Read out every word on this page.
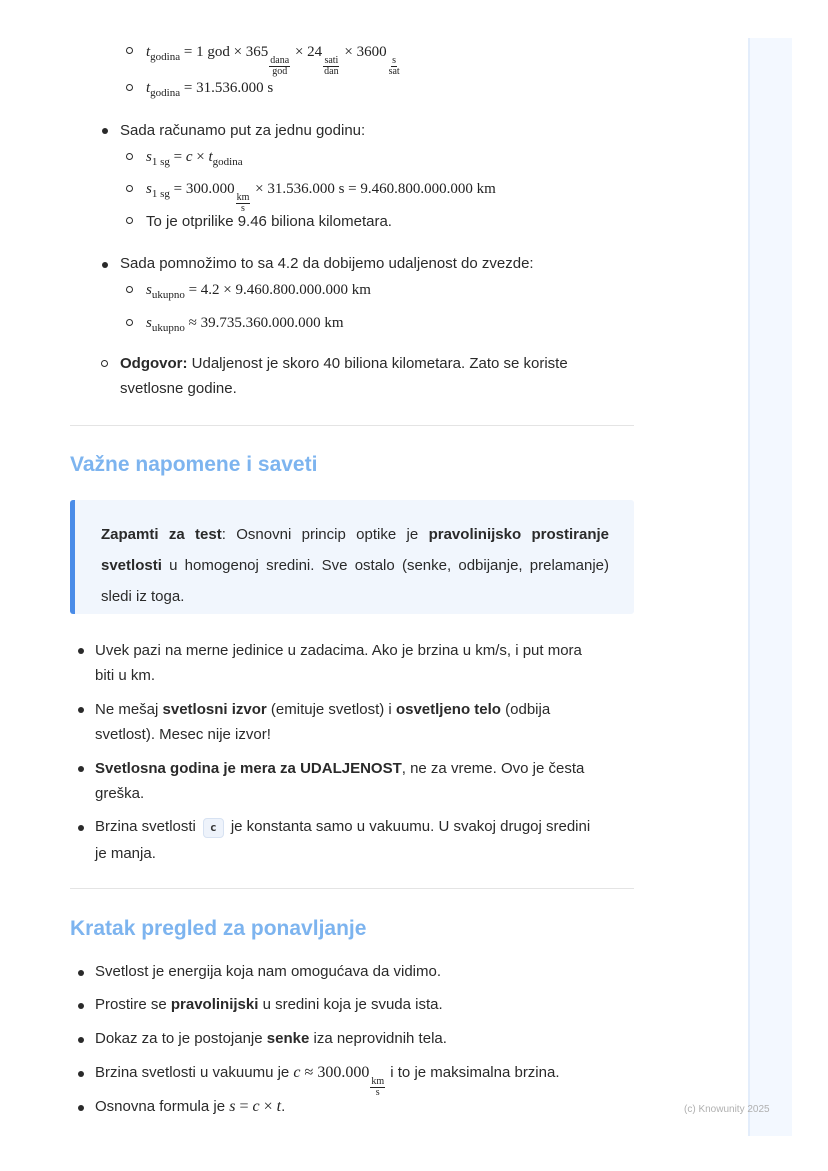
$t_{godina} = 1$ god × 365
$\frac{\text{dana}}{\text{god}}$
× 24
$\frac{\text{sati}}{\text{dan}}$
× 3600
$\frac{s}{\text{sat}}$
$t_{godina} = 31.536.000$ s
Sada računamo put za jednu godinu:
$s_{1 sg} = c \times t_{godina}$
$s_{1 sg} = 300.000$
$\frac{km}{s}$
× 31.536.000 s = 9.460.800.000.000 km
To je otprilike 9.46 biliona kilometara.
Sada pomnožimo to sa 4.2 da dobijemo udaljenost do zvezde:
$s_{ukupno} = 4.2 \times 9.460.800.000.000$ km
$s_{ukupno} \approx 39.735.360.000.000$ km
Odgovor: Udaljenost je skoro 40 biliona kilometara. Zato se koriste
svetlosne godine.
Važne napomene i saveti

Zapamti za test: Osnovni princip optike je pravolinijsko prostiranje svetlosti u homogenoj sredini. Sve ostalo (senke, odbijanje, prelamanje) sledi iz toga.

Uvek pazi na merne jedinice u zadacima. Ako je brzina u km/s, i put mora
biti u km.
Ne mešaj svetlosni izvor (emituje svetlost) i osvetljeno telo (odbija
svetlost). Mesec nije izvor!
Svetlosna godina je mera za UDALJENOST, ne za vreme. Ovo je česta
greška.
Brzina svetlosti c je konstanta samo u vakuumu. U svakoj drugoj sredini
je manja.
Kratak pregled za ponavljanje
Svetlost je energija koja nam omogućava da vidimo.
Prostire se pravolinijski u sredini koja je svuda ista.
Dokaz za to je postojanje senke iza neprovidnih tela.
Brzina svetlosti u vakuumu je c ≈ 300.000
$\frac{km}{s}$
i to je maksimalna brzina.
Osnovna formula je s = c × t.	(c) Knowunity 2025
